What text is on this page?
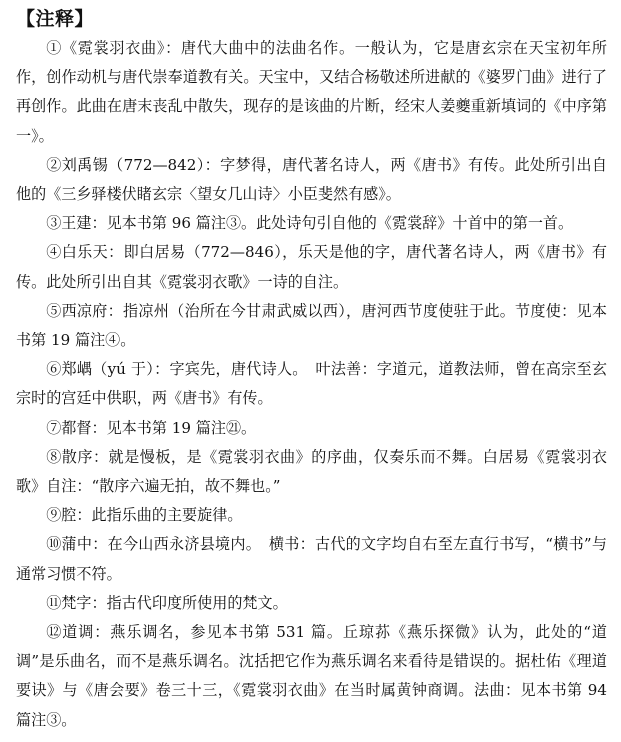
【注释】

①《霓裳羽衣曲》：唐代大曲中的法曲名作。一般认为，它是唐玄宗在天宝初年所作，创作动机与唐代崇奉道教有关。天宝中，又结合杨敬述所进献的《婆罗门曲》进行了再创作。此曲在唐末丧乱中散失，现存的是该曲的片断，经宋人姜夔重新填词的《中序第一》。

②刘禹锡（772—842）：字梦得，唐代著名诗人，两《唐书》有传。此处所引出自他的《三乡驿楼伏睹玄宗〈望女几山诗〉小臣斐然有感》。

③王建：见本书第 96 篇注③。此处诗句引自他的《霓裳辞》十首中的第一首。

④白乐天：即白居易（772—846），乐天是他的字，唐代著名诗人，两《唐书》有传。此处所引出自其《霓裳羽衣歌》一诗的自注。

⑤西凉府：指凉州（治所在今甘肃武威以西），唐河西节度使驻于此。节度使：见本书第 19 篇注④。

⑥郑嵎（yú 于）：字宾先，唐代诗人。　叶法善：字道元，道教法师，曾在高宗至玄宗时的宫廷中供职，两《唐书》有传。

⑦都督：见本书第 19 篇注㉑。

⑧散序：就是慢板，是《霓裳羽衣曲》的序曲，仅奏乐而不舞。白居易《霓裳羽衣歌》自注：“散序六遍无拍，故不舞也。”

⑨腔：此指乐曲的主要旋律。

⑩蒲中：在今山西永济县境内。　横书：古代的文字均自右至左直行书写，“横书”与通常习惯不符。

⑪梵字：指古代印度所使用的梵文。

⑫道调：燕乐调名，参见本书第 531 篇。丘琼荪《燕乐探微》认为，此处的“道调”是乐曲名，而不是燕乐调名。沈括把它作为燕乐调名来看待是错误的。据杜佑《理道要诀》与《唐会要》卷三十三，《霓裳羽衣曲》在当时属黄钟商调。法曲：见本书第 94 篇注③。
